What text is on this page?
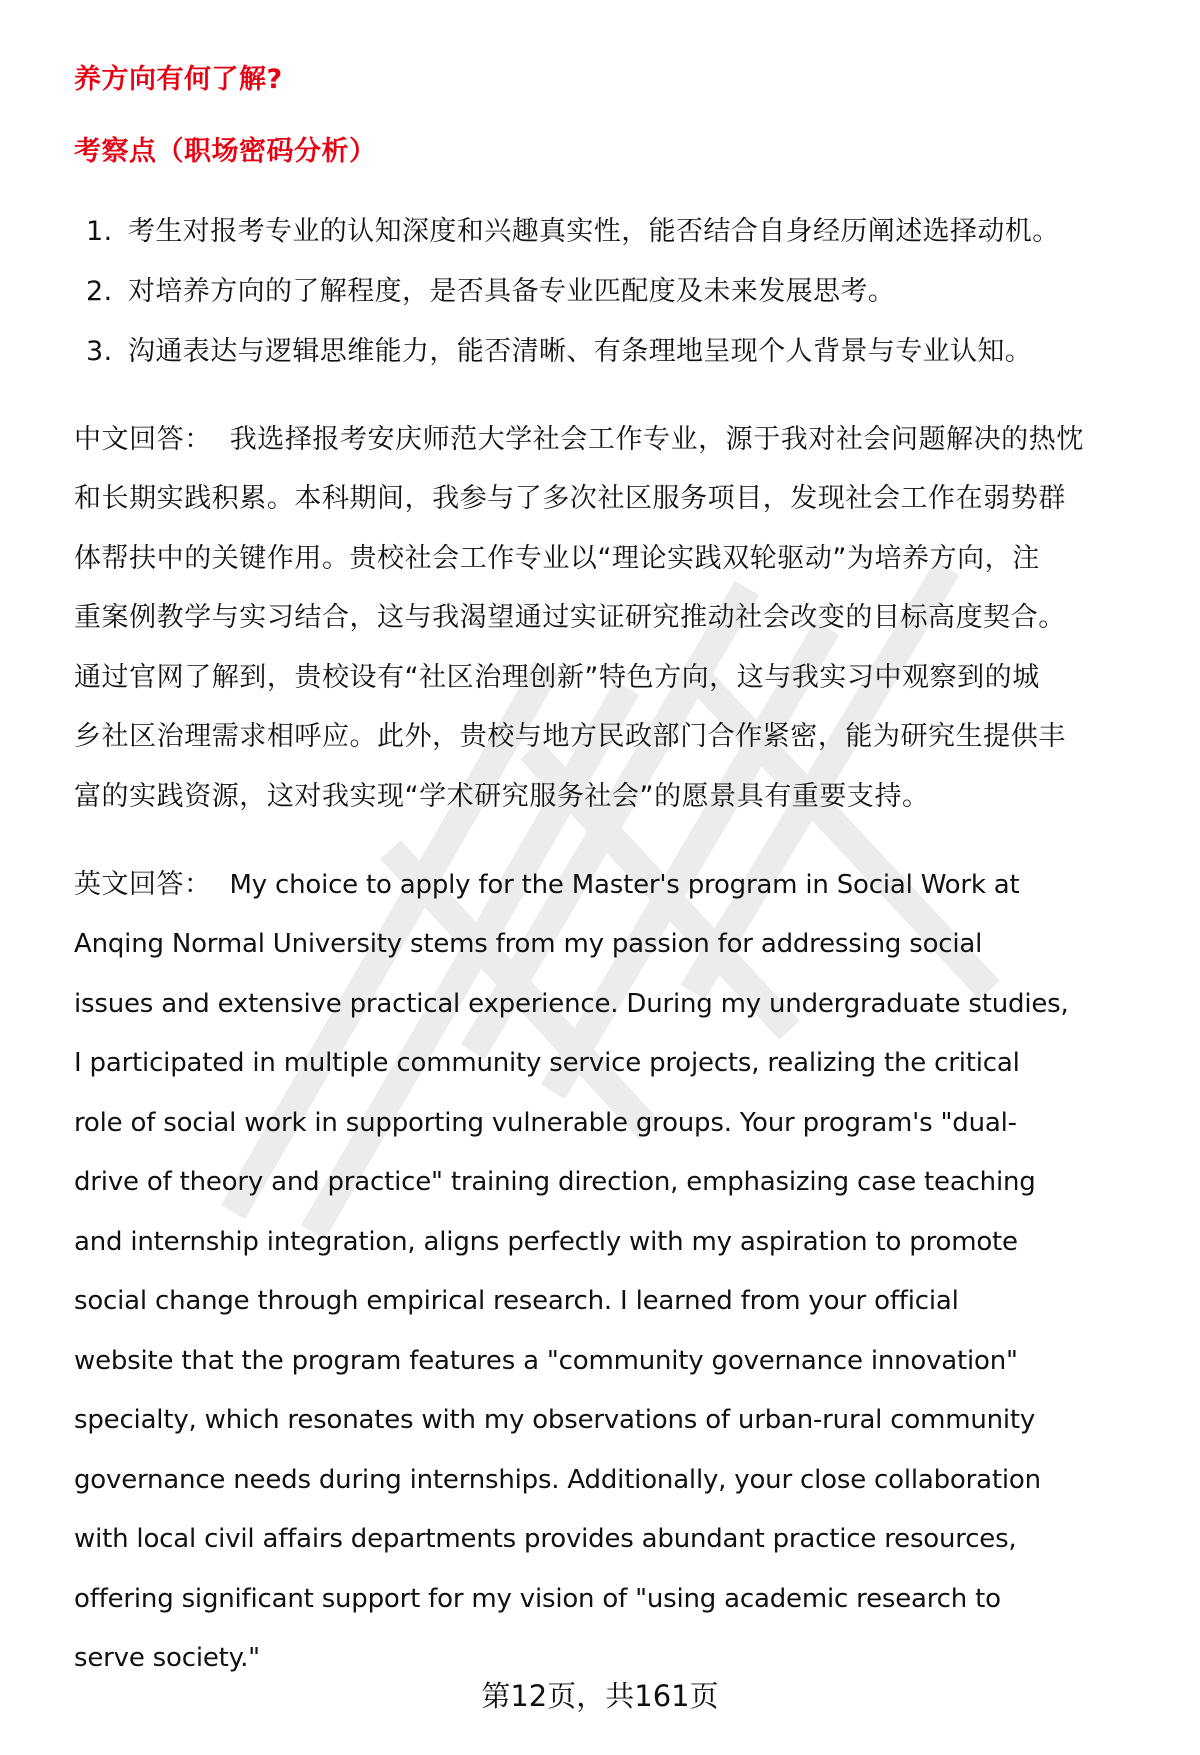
养方向有何了解?
考察点（职场密码分析）
1. 考生对报考专业的认知深度和兴趣真实性，能否结合自身经历阐述选择动机。
2. 对培养方向的了解程度，是否具备专业匹配度及未来发展思考。
3. 沟通表达与逻辑思维能力，能否清晰、有条理地呈现个人背景与专业认知。
中文回答： 我选择报考安庆师范大学社会工作专业，源于我对社会问题解决的热忱
和长期实践积累。本科期间，我参与了多次社区服务项目，发现社会工作在弱势群
体帮扶中的关键作用。贵校社会工作专业以“理论实践双轮驱动”为培养方向，注
重案例教学与实习结合，这与我渴望通过实证研究推动社会改变的目标高度契合。
通过官网了解到，贵校设有“社区治理创新”特色方向，这与我实习中观察到的城
乡社区治理需求相呼应。此外，贵校与地方民政部门合作紧密，能为研究生提供丰
富的实践资源，这对我实现“学术研究服务社会”的愿景具有重要支持。
英文回答： My choice to apply for the Master's program in Social Work at
Anqing Normal University stems from my passion for addressing social
issues and extensive practical experience. During my undergraduate studies,
I participated in multiple community service projects, realizing the critical
role of social work in supporting vulnerable groups. Your program's "dual-
drive of theory and practice" training direction, emphasizing case teaching
and internship integration, aligns perfectly with my aspiration to promote
social change through empirical research. I learned from your official
website that the program features a "community governance innovation"
specialty, which resonates with my observations of urban-rural community
governance needs during internships. Additionally, your close collaboration
with local civil affairs departments provides abundant practice resources,
offering significant support for my vision of "using academic research to
serve society."
第12页，共161页
